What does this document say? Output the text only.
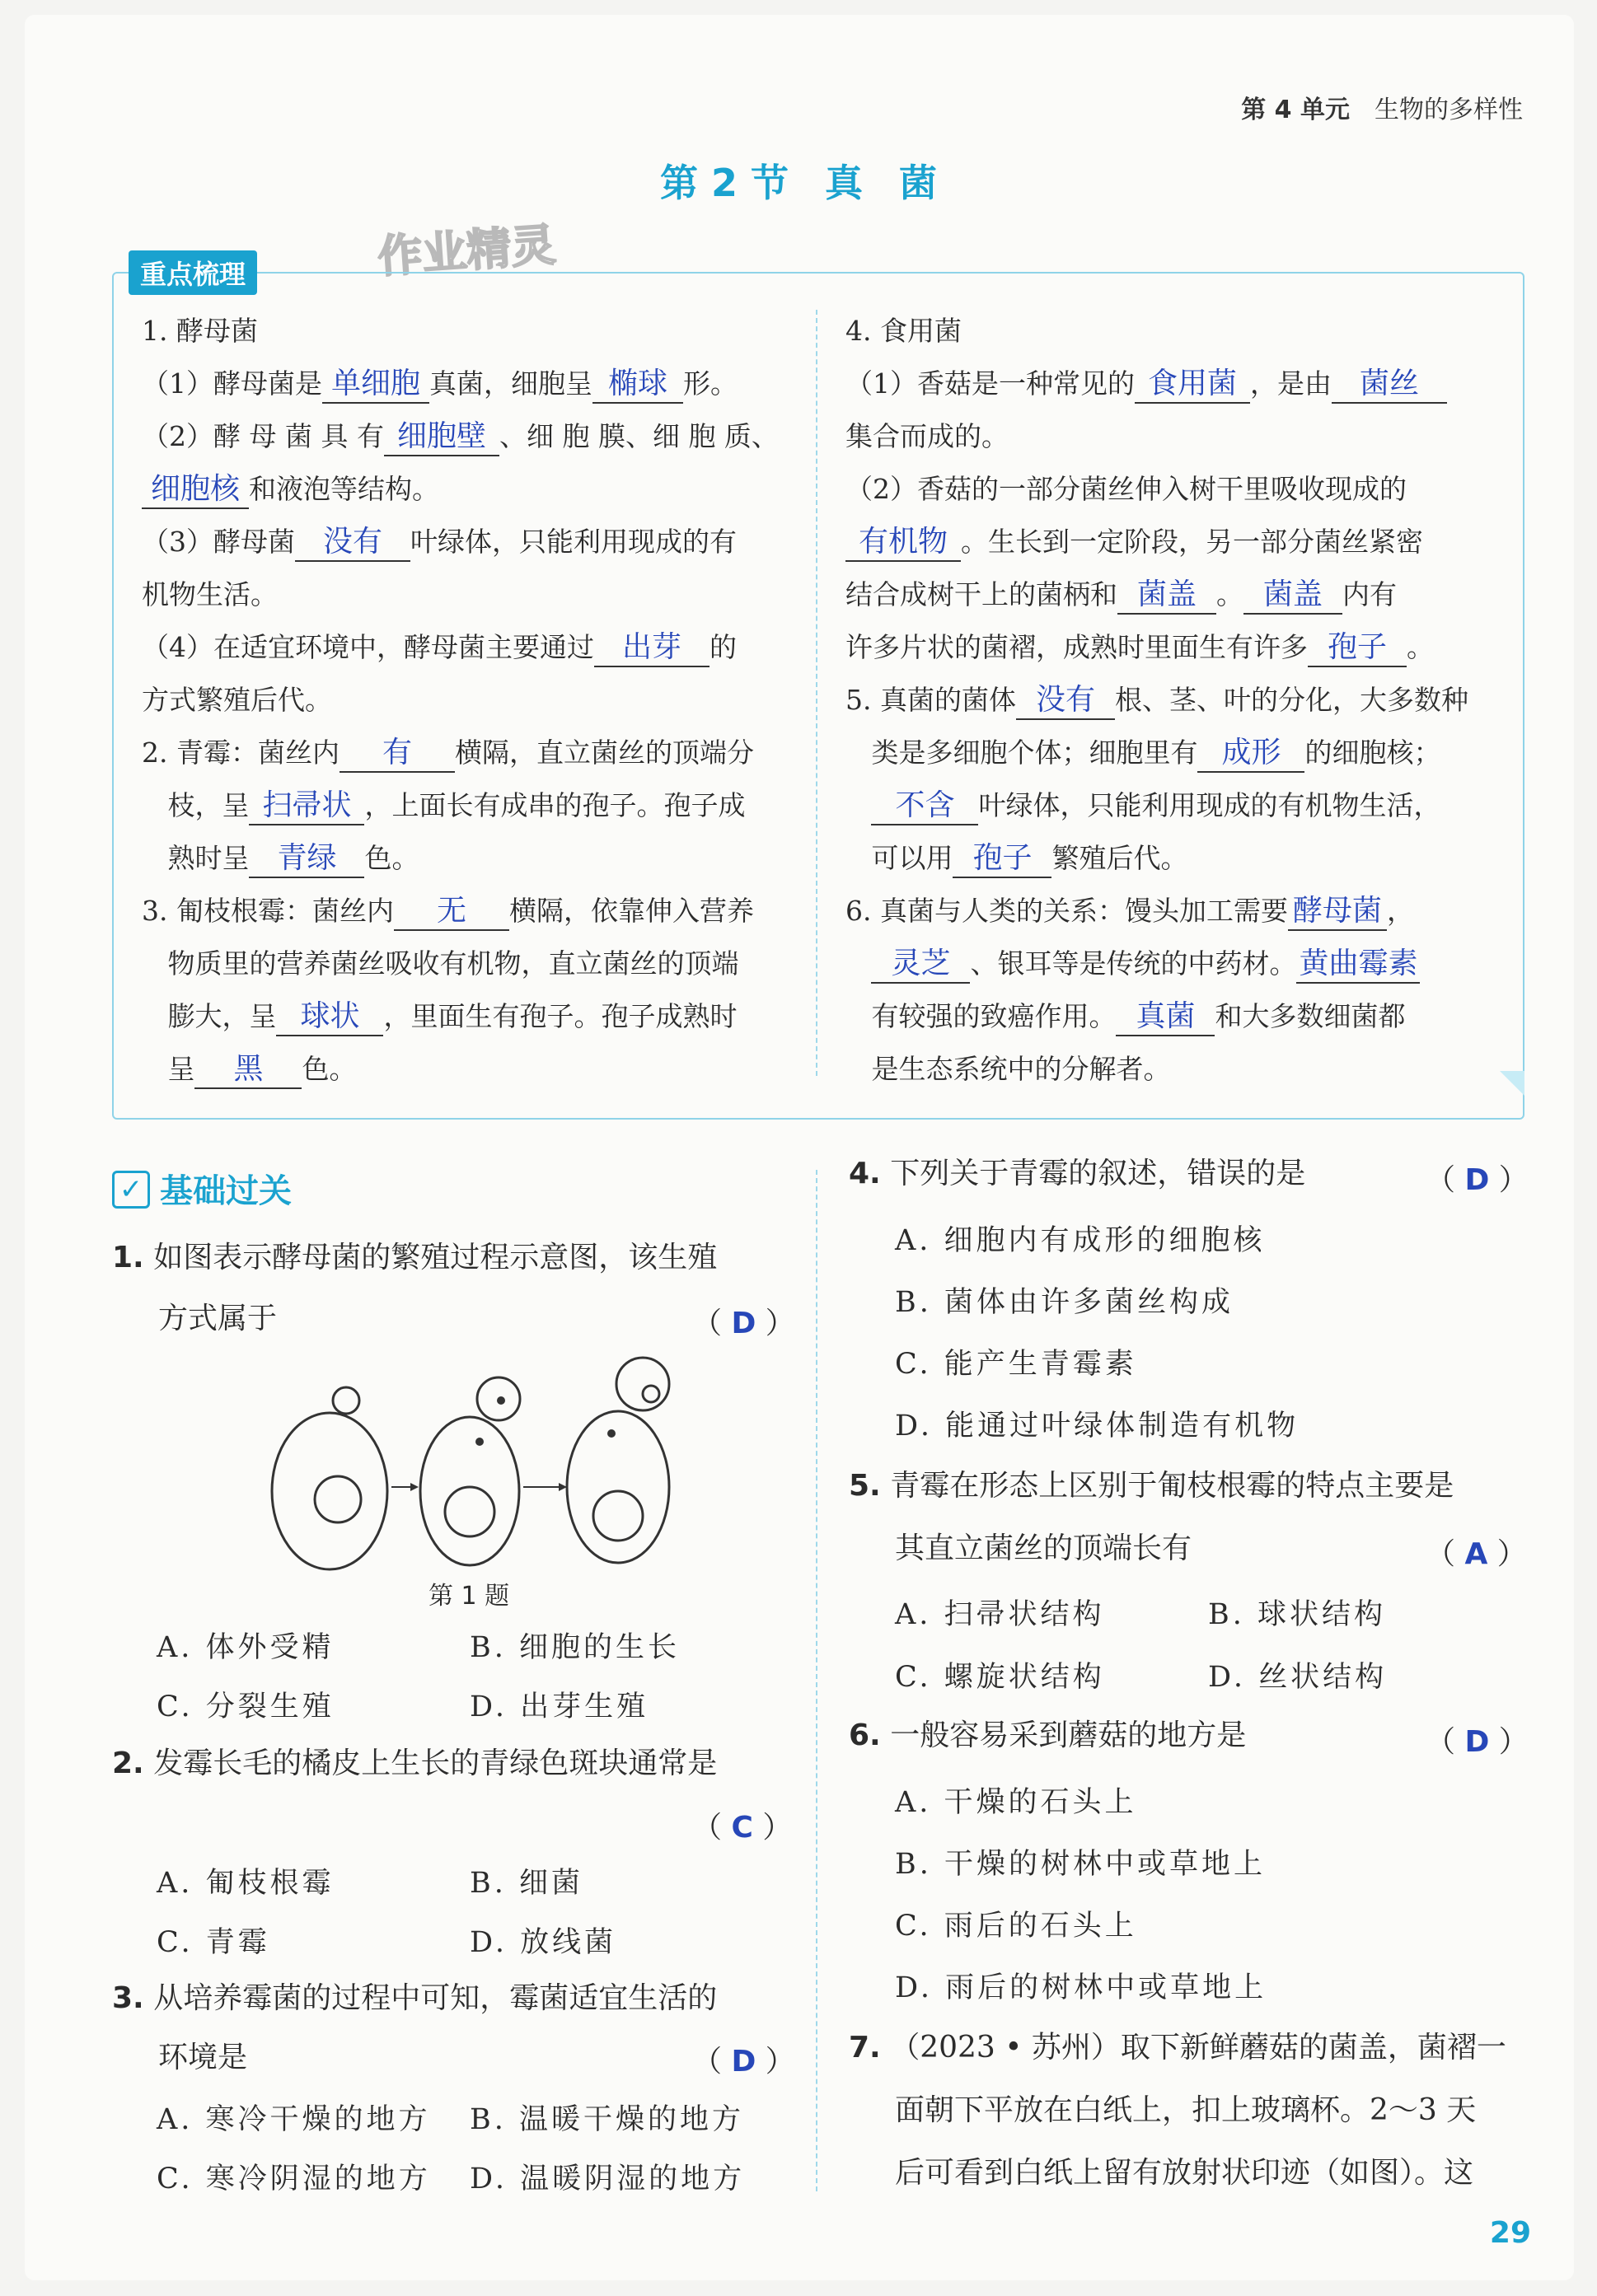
第 4 单元 生物的多样性
第 2 节 真 菌
作业精灵
重点梳理

1. 酵母菌

（1）酵母菌是 单细胞 真菌，细胞呈 椭球 形。

（2）酵 母 菌 具 有 细胞壁 、细 胞 膜、细 胞 质、

细胞核 和液泡等结构。

（3）酵母菌 没有 叶绿体，只能利用现成的有

机物生活。

（4）在适宜环境中，酵母菌主要通过 出芽 的

方式繁殖后代。

2. 青霉：菌丝内 有 横隔，直立菌丝的顶端分

枝，呈 扫帚状 ，上面长有成串的孢子。孢子成

熟时呈 青绿 色。

3. 匍枝根霉：菌丝内 无 横隔，依靠伸入营养

物质里的营养菌丝吸收有机物，直立菌丝的顶端

膨大，呈 球状 ，里面生有孢子。孢子成熟时

呈 黑 色。

4. 食用菌

（1）香菇是一种常见的 食用菌 ，是由 菌丝

集合而成的。

（2）香菇的一部分菌丝伸入树干里吸收现成的

有机物 。生长到一定阶段，另一部分菌丝紧密

结合成树干上的菌柄和 菌盖 。 菌盖 内有

许多片状的菌褶，成熟时里面生有许多 孢子 。

5. 真菌的菌体 没有 根、茎、叶的分化，大多数种

类是多细胞个体；细胞里有 成形 的细胞核；

不含 叶绿体，只能利用现成的有机物生活，

可以用 孢子 繁殖后代。

6. 真菌与人类的关系：馒头加工需要 酵母菌 ，

灵芝 、银耳等是传统的中药材。黄曲霉素

有较强的致癌作用。 真菌 和大多数细菌都

是生态系统中的分解者。

✓ 基础过关
1. 如图表示酵母菌的繁殖过程示意图，该生殖
方式属于	（ D ）
第 1 题
A. 体外受精	B. 细胞的生长
C. 分裂生殖	D. 出芽生殖
2. 发霉长毛的橘皮上生长的青绿色斑块通常是
（ C ）
A. 匍枝根霉	B. 细菌
C. 青霉	D. 放线菌
3. 从培养霉菌的过程中可知，霉菌适宜生活的
环境是	（ D ）
A. 寒冷干燥的地方 B. 温暖干燥的地方
C. 寒冷阴湿的地方 D. 温暖阴湿的地方
4. 下列关于青霉的叙述，错误的是	（ D ）
A. 细胞内有成形的细胞核
B. 菌体由许多菌丝构成
C. 能产生青霉素
D. 能通过叶绿体制造有机物
5. 青霉在形态上区别于匍枝根霉的特点主要是
其直立菌丝的顶端长有	（ A ）
A. 扫帚状结构	B. 球状结构
C. 螺旋状结构	D. 丝状结构
6. 一般容易采到蘑菇的地方是	（ D ）
A. 干燥的石头上
B. 干燥的树林中或草地上
C. 雨后的石头上
D. 雨后的树林中或草地上
7. （2023 • 苏州）取下新鲜蘑菇的菌盖，菌褶一
面朝下平放在白纸上，扣上玻璃杯。2～3 天
后可看到白纸上留有放射状印迹（如图）。这
29
